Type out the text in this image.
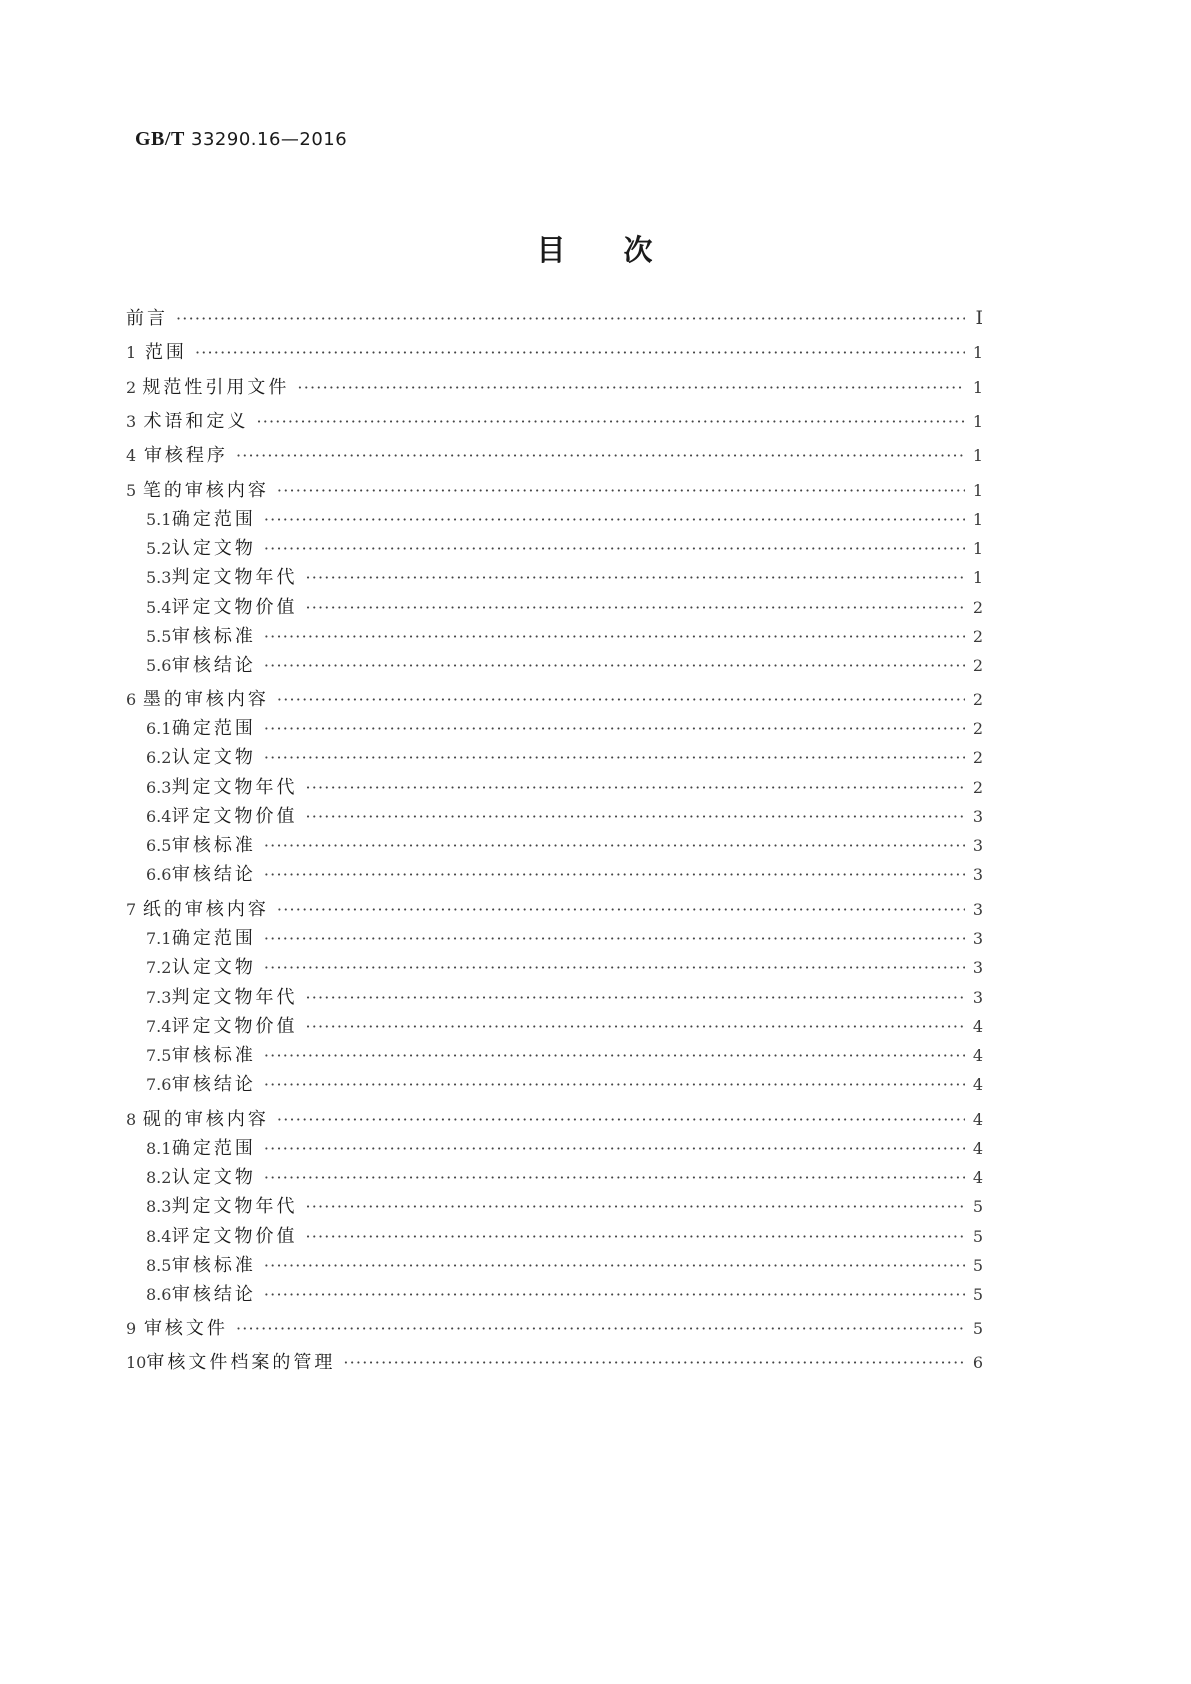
GB/T 33290.16—2016
目 次
前言 ·····	Ⅰ
1 范围 ·····	1
2 规范性引用文件 ·····	1
3 术语和定义 ·····	1
4 审核程序 ·····	1
5 笔的审核内容 ·····	1
5.1 确定范围 ·····	1
5.2 认定文物 ·····	1
5.3 判定文物年代 ·····	1
5.4 评定文物价值 ·····	2
5.5 审核标准 ·····	2
5.6 审核结论 ·····	2
6 墨的审核内容 ·····	2
6.1 确定范围 ·····	2
6.2 认定文物 ·····	2
6.3 判定文物年代 ·····	2
6.4 评定文物价值 ·····	3
6.5 审核标准 ·····	3
6.6 审核结论 ·····	3
7 纸的审核内容 ·····	3
7.1 确定范围 ·····	3
7.2 认定文物 ·····	3
7.3 判定文物年代 ·····	3
7.4 评定文物价值 ·····	4
7.5 审核标准 ·····	4
7.6 审核结论 ·····	4
8 砚的审核内容 ·····	4
8.1 确定范围 ·····	4
8.2 认定文物 ·····	4
8.3 判定文物年代 ·····	5
8.4 评定文物价值 ·····	5
8.5 审核标准 ·····	5
8.6 审核结论 ·····	5
9 审核文件 ·····	5
10 审核文件档案的管理 ·····	6
